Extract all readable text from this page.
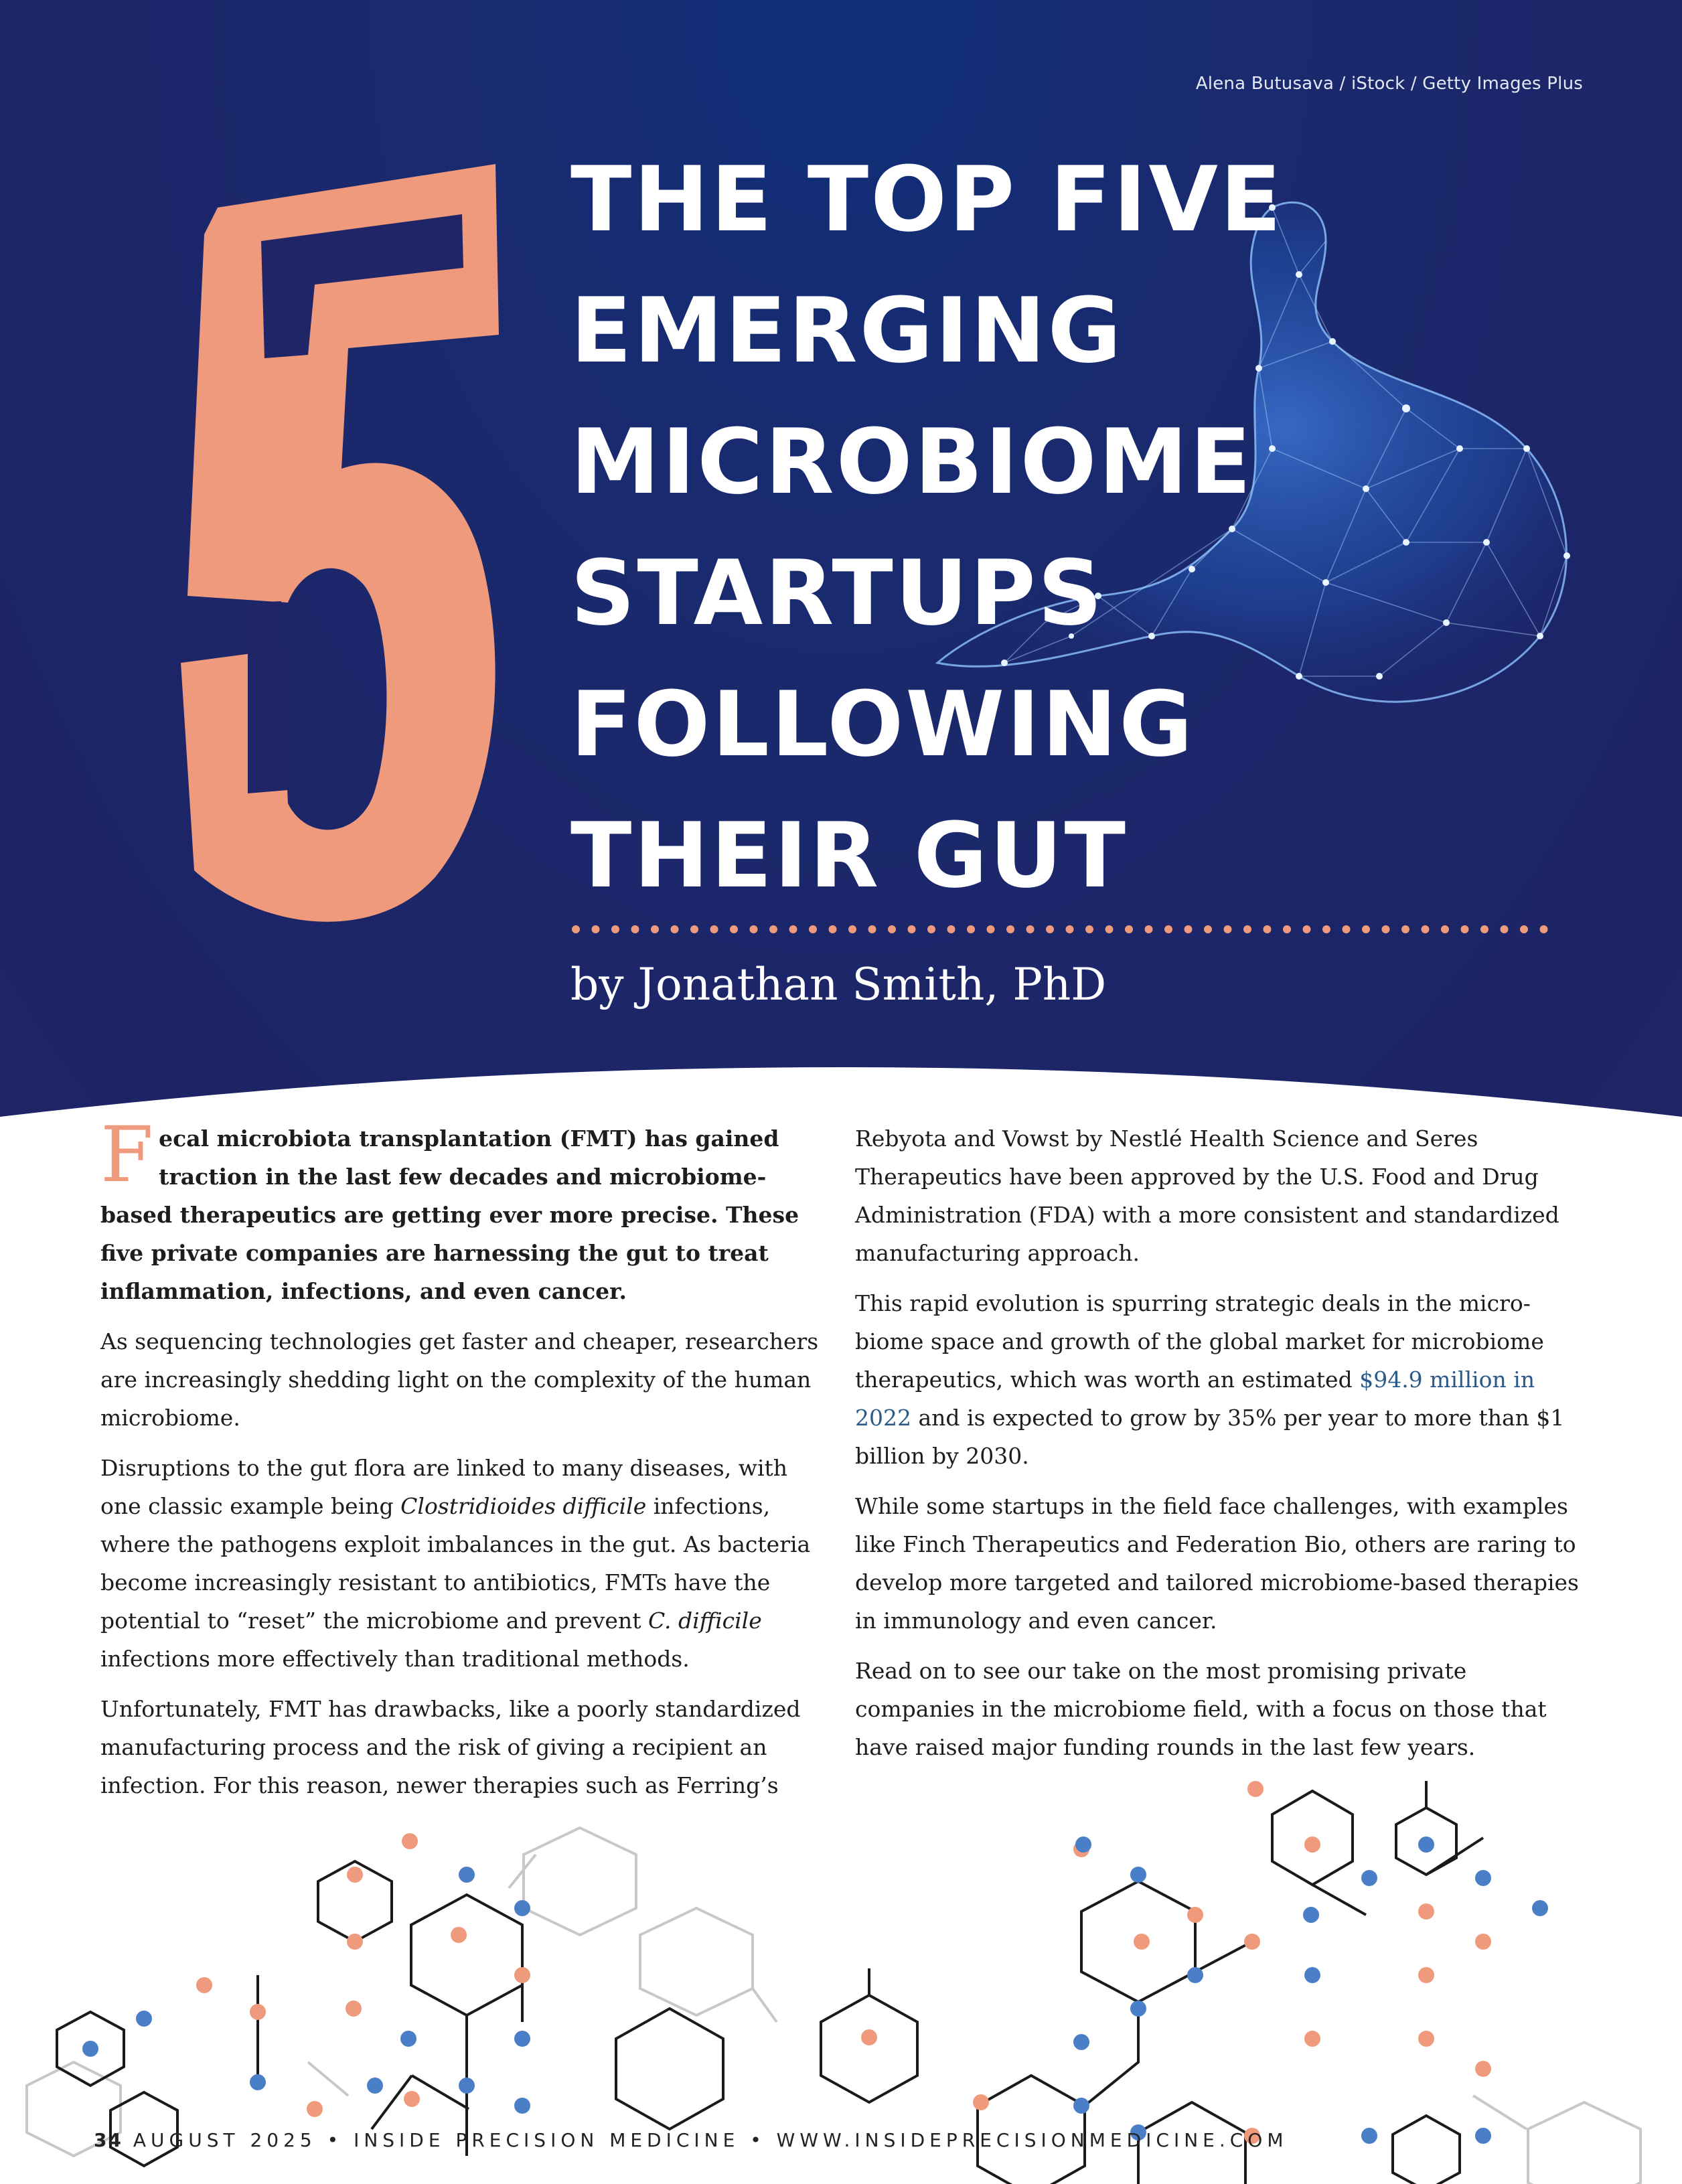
Alena Butusava / iStock / Getty Images Plus
THE TOP FIVE
EMERGING
MICROBIOME
STARTUPS
FOLLOWING
THEIR GUT
by Jonathan Smith, PhD

Fecal microbiota transplantation (FMT) has gained traction in the last few decades and microbiome-based therapeutics are getting ever more precise. These five private companies are harnessing the gut to treat inflammation, infections, and even cancer.

As sequencing technologies get faster and cheaper, researchers are increasingly shedding light on the complexity of the human microbiome.

Disruptions to the gut flora are linked to many diseases, with one classic example being Clostridioides difficile infections, where the pathogens exploit imbalances in the gut. As bacteria become increasingly resistant to antibiotics, FMTs have the potential to “reset” the microbiome and prevent C. difficile infections more effectively than traditional methods.

Unfortunately, FMT has drawbacks, like a poorly standardized manufacturing process and the risk of giving a recipient an infection. For this reason, newer therapies such as Ferring’s

Rebyota and Vowst by Nestlé Health Science and Seres Therapeutics have been approved by the U.S. Food and Drug Administration (FDA) with a more consistent and standardized manufacturing approach.

This rapid evolution is spurring strategic deals in the micro-biome space and growth of the global market for microbiome therapeutics, which was worth an estimated $94.9 million in 2022 and is expected to grow by 35% per year to more than $1 billion by 2030.

While some startups in the field face challenges, with examples like Finch Therapeutics and Federation Bio, others are raring to develop more targeted and tailored microbiome-based therapies in immunology and even cancer.

Read on to see our take on the most promising private companies in the microbiome field, with a focus on those that have raised major funding rounds in the last few years.

34 AUGUST 2025 • INSIDE PRECISION MEDICINE • WWW.INSIDEPRECISIONMEDICINE.COM
